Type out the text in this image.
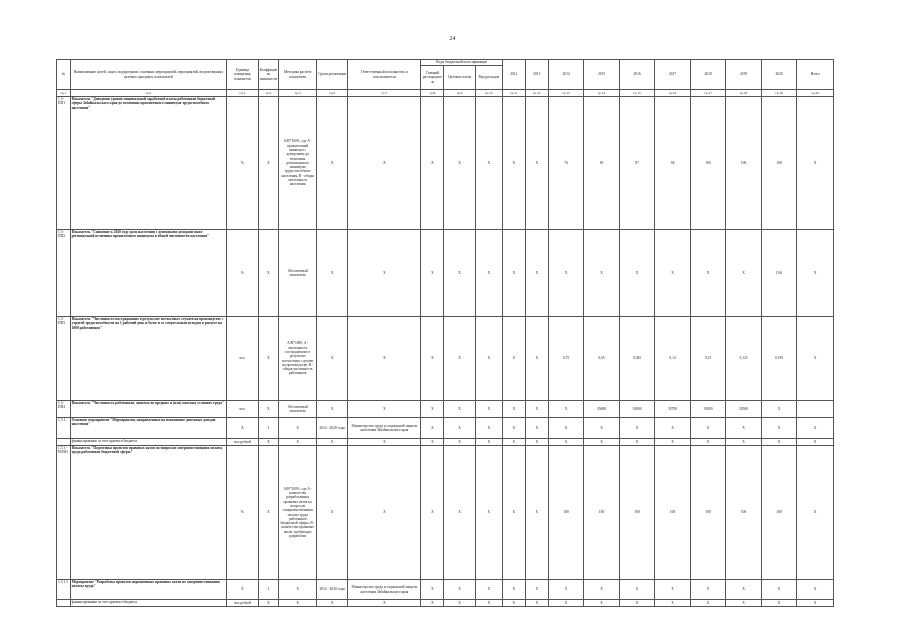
24
№	Наименование целей, задач, подпрограмм, основных мероприятий, мероприятий, ведомственных целевых программ, показателей	Единица измерения показателя	Коэффициент значимости	Методика расчета показателя	Сроки реализации	Ответственный исполнитель и соисполнители	Коды бюджетной классификации			2012	2013	2014	2015	2016	2017	2018	2019	2020	Итого
							Главный распорядитель	Целевая статья	Вид расходов										
гр.1	гр.2	гр.3	гр.4	гр.5	гр.6	гр.7	гр.8	гр.9	гр.10	гр.11	гр.12	гр.13	гр.14	гр.15	гр.16	гр.17	гр.18	гр.19	гр.20
1.3-ПП1	Показатель "Доведение уровня минимальной заработной платы работников бюджетной сферы Забайкальского края до величины прожиточного минимума трудоспособного населения"	%	Х	A/B*100%, где A - прожиточный минимум с доведением до величины регионального минимума трудоспособного населения, B - общая численность населения	Х	Х	Х	Х	Х	Х	Х	76	81	87	94	100	100	100	Х
1.3-ПП2	Показатель "Снижение к 2020 году доли населения с денежными доходами ниже региональной величины прожиточного минимума в общей численности населения"	%	Х	Абсолютный показатель	Х	Х	Х	Х	Х	Х	Х	Х	Х	Х	Х	Х	Х	19,6	Х
1.3-ПП3	Показатель "Численность пострадавших в результате несчастных случаев на производстве с утратой трудоспособности на 1 рабочий день и более и со смертельным исходом в расчете на 1000 работающих"	чел.	Х	A/B*1000, A - численность пострадавших в результате несчастных случаев на производстве, B - общая численность работников	Х	Х	Х	Х	Х	Х	Х	0,75	0,65	0,045	0,14	0,15	0,125	0,195	Х
1.3-ПП4	Показатель "Численность работников, занятых во вредных и (или) опасных условиях труда"	чел.	Х	Абсолютный показатель	Х	Х	Х	Х	Х	Х	Х	Х	35600	35800	35700	35000	35500	Х	
1.3.1.	Основное мероприятие "Мероприятия, направленные на повышение денежных доходов населения"	Х	1	Х	2014 - 2020 годы	Министерство труда и социальной защиты населения Забайкальского края	Х	Х	Х	Х	Х	Х	Х	Х	Х	Х	Х	Х	Х
	финансирование за счет краевого бюджета	тыс.рублей	Х	Х	Х	Х	Х	Х	Х	Х	Х	Х	Х	Х	Х	Х	Х	Х	Х
1.3.1.-ПОМ1	Показатель "Подготовка проектов правовых актов по вопросам совершенствования оплаты труда работников бюджетной сферы"	%	Х	A/B*100%, где A - количество разработанных правовых актов по вопросам совершенствования оплаты труда работников бюджетной сферы, B - количество правовых актов, требующих разработки	Х	Х	Х	Х	Х	Х	Х	100	100	100	100	100	100	100	Х
1.3.1.1.	Мероприятие "Разработка проектов нормативных правовых актов по совершенствованию оплаты труда"	Х	1	Х	2014 - 2020 годы	Министерство труда и социальной защиты населения Забайкальского края	Х	Х	Х	Х	Х	Х	Х	Х	Х	Х	Х	Х	Х
	финансирование за счет краевого бюджета	тыс.рублей	Х	Х	Х	Х	Х	Х	Х	Х	Х	Х	Х	Х	Х	Х	Х	Х	Х
